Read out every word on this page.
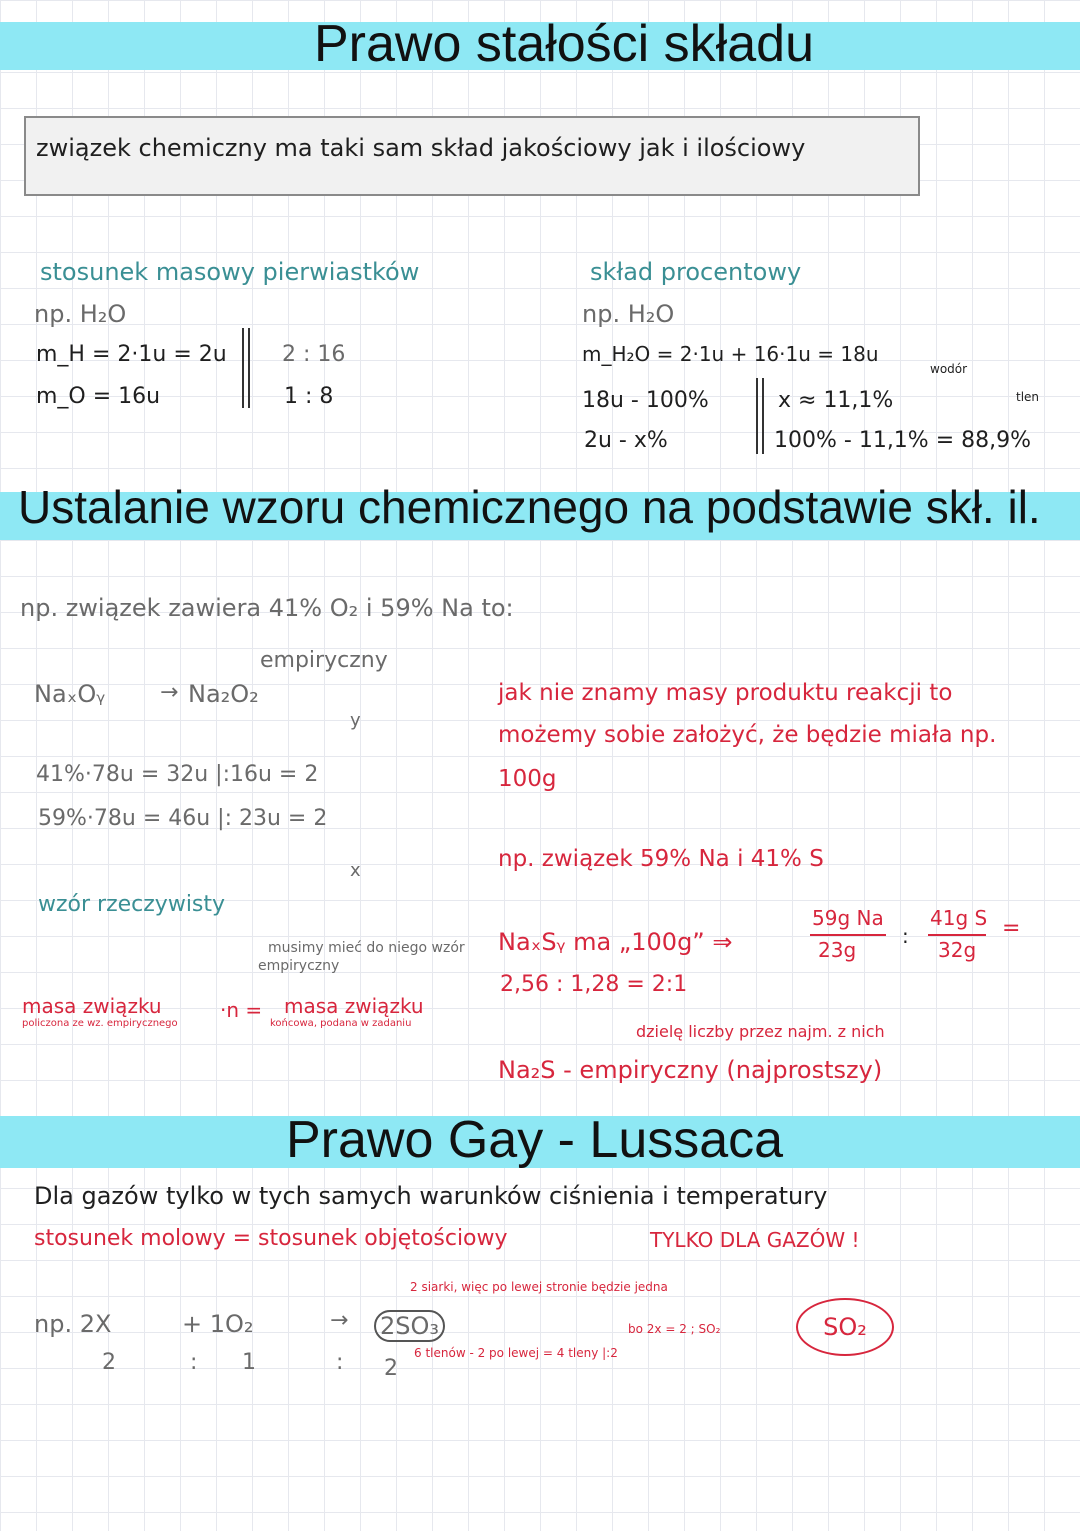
Prawo stałości składu
związek chemiczny ma taki sam skład jakościowy jak i ilościowy
stosunek masowy pierwiastków
np. H₂O
m_H = 2·1u = 2u
m_O = 16u
2 : 16
1 : 8
skład procentowy
np. H₂O
m_H₂O = 2·1u + 16·1u = 18u
wodór
tlen
18u - 100%
2u - x%
x ≈ 11,1%
100% - 11,1% = 88,9%
Ustalanie wzoru chemicznego na podstawie skł. il.
np. związek zawiera 41% O₂ i 59% Na to:
empiryczny
NaₓOᵧ → Na₂O₂
y
41%·78u = 32u |:16u = 2
59%·78u = 46u |: 23u = 2
x
wzór rzeczywisty
musimy mieć do niego wzór
empiryczny
masa związku
policzona ze wz. empirycznego
·n = masa związku
końcowa, podana w zadaniu
jak nie znamy masy produktu reakcji to
możemy sobie założyć, że będzie miała np.
100g
np. związek 59% Na i 41% S
NaₓSᵧ ma „100g” ⇒
59g Na
23g
:
41g S
32g
=
2,56 : 1,28 = 2:1
dzielę liczby przez najm. z nich
Na₂S - empiryczny (najprostszy)
Prawo Gay - Lussaca
Dla gazów tylko w tych samych warunków ciśnienia i temperatury
stosunek molowy = stosunek objętościowy	TYLKO DLA GAZÓW !
2 siarki, więc po lewej stronie będzie jedna
np. 2X	+ 1O₂	→ 2SO₃	bo 2x = 2 ; SO₂
6 tlenów - 2 po lewej = 4 tleny |:2
2	: 1	: 2
SO₂
